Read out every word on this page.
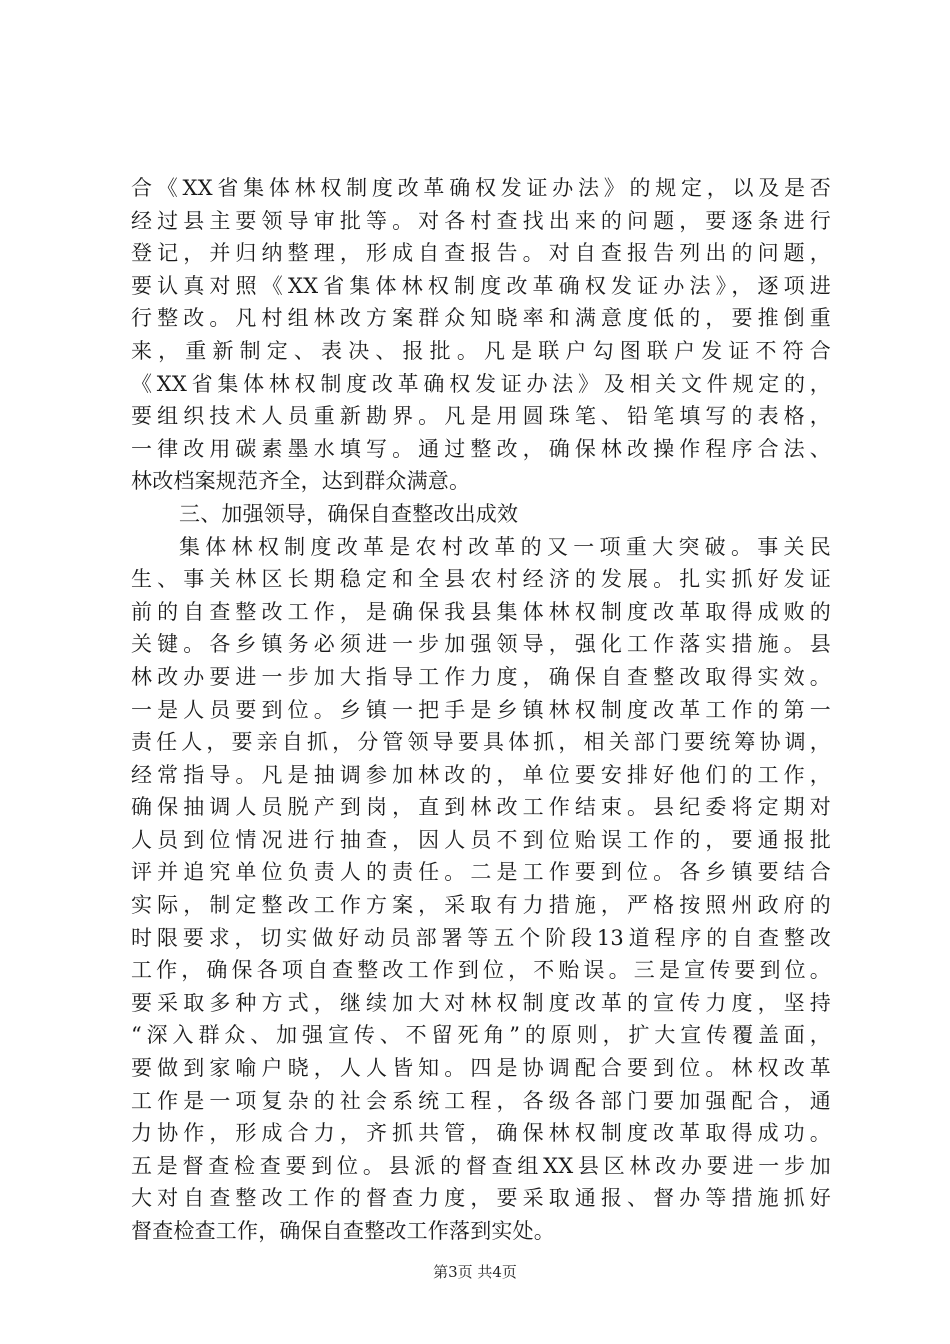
合《XX省集体林权制度改革确权发证办法》的规定，以及是否
经过县主要领导审批等。对各村查找出来的问题，要逐条进行
登记，并归纳整理，形成自查报告。对自查报告列出的问题，
要认真对照《XX省集体林权制度改革确权发证办法》，逐项进
行整改。凡村组林改方案群众知晓率和满意度低的，要推倒重
来，重新制定、表决、报批。凡是联户勾图联户发证不符合
《XX省集体林权制度改革确权发证办法》及相关文件规定的，
要组织技术人员重新勘界。凡是用圆珠笔、铅笔填写的表格，
一律改用碳素墨水填写。通过整改，确保林改操作程序合法、
林改档案规范齐全，达到群众满意。
三、加强领导，确保自查整改出成效
集体林权制度改革是农村改革的又一项重大突破。事关民
生、事关林区长期稳定和全县农村经济的发展。扎实抓好发证
前的自查整改工作，是确保我县集体林权制度改革取得成败的
关键。各乡镇务必须进一步加强领导，强化工作落实措施。县
林改办要进一步加大指导工作力度，确保自查整改取得实效。
一是人员要到位。乡镇一把手是乡镇林权制度改革工作的第一
责任人，要亲自抓，分管领导要具体抓，相关部门要统筹协调，
经常指导。凡是抽调参加林改的，单位要安排好他们的工作，
确保抽调人员脱产到岗，直到林改工作结束。县纪委将定期对
人员到位情况进行抽查，因人员不到位贻误工作的，要通报批
评并追究单位负责人的责任。二是工作要到位。各乡镇要结合
实际，制定整改工作方案，采取有力措施，严格按照州政府的
时限要求，切实做好动员部署等五个阶段13道程序的自查整改
工作，确保各项自查整改工作到位，不贻误。三是宣传要到位。
要采取多种方式，继续加大对林权制度改革的宣传力度，坚持
“深入群众、加强宣传、不留死角”的原则，扩大宣传覆盖面，
要做到家喻户晓，人人皆知。四是协调配合要到位。林权改革
工作是一项复杂的社会系统工程，各级各部门要加强配合，通
力协作，形成合力，齐抓共管，确保林权制度改革取得成功。
五是督查检查要到位。县派的督查组XX县区林改办要进一步加
大对自查整改工作的督查力度，要采取通报、督办等措施抓好
督查检查工作，确保自查整改工作落到实处。
第3页 共4页
